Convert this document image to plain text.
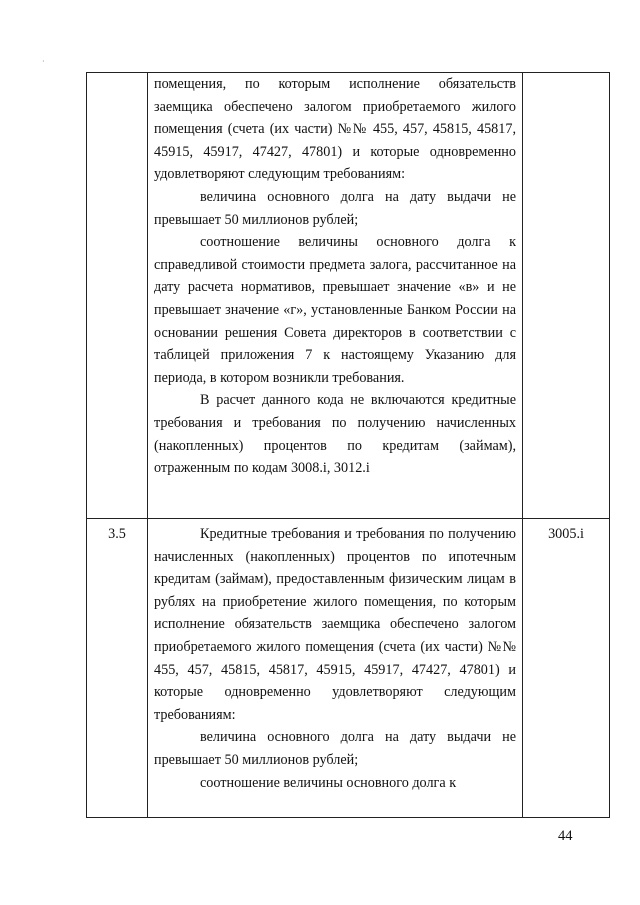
·

	помещения, по которым исполнение обязательств заемщика обеспечено залогом приобретаемого жилого помещения (счета (их части) №№ 455, 457, 45815, 45817, 45915, 45917, 47427, 47801) и которые одновременно удовлетворяют следующим требованиям:

величина основного долга на дату выдачи не превышает 50 миллионов рублей;

соотношение величины основного долга к справедливой стоимости предмета залога, рассчитанное на дату расчета нормативов, превышает значение «в» и не превышает значение «г», установленные Банком России на основании решения Совета директоров в соответствии с таблицей приложения 7 к настоящему Указанию для периода, в котором возникли требования.

В расчет данного кода не включаются кредитные требования и требования по получению начисленных (накопленных) процентов по кредитам (займам), отраженным по кодам 3008.i, 3012.i	

3.5	Кредитные требования и требования по получению начисленных (накопленных) процентов по ипотечным кредитам (займам), предоставленным физическим лицам в рублях на приобретение жилого помещения, по которым исполнение обязательств заемщика обеспечено залогом приобретаемого жилого помещения (счета (их части) №№ 455, 457, 45815, 45817, 45915, 45917, 47427, 47801) и которые одновременно удовлетворяют следующим требованиям:

величина основного долга на дату выдачи не превышает 50 миллионов рублей;

соотношение величины основного долга к	3005.i
44
